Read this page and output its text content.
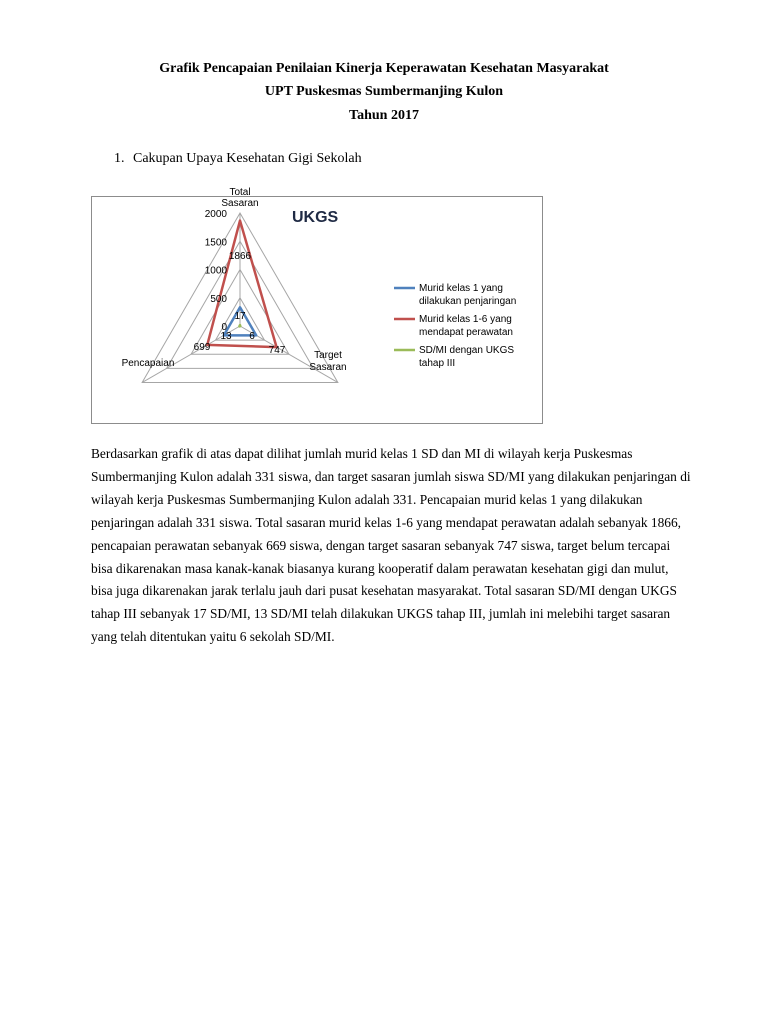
Grafik Pencapaian Penilaian Kinerja Keperawatan Kesehatan Masyarakat

UPT Puskesmas Sumbermanjing Kulon

Tahun 2017

1. Cakupan Upaya Kesehatan Gigi Sekolah

UKGS
0
500
1000
1500
2000
Total
Sasaran
Target
Sasaran
Pencapaian
1866
747
699
17
6
13
Murid kelas 1 yang
dilakukan penjaringan
Murid kelas 1-6 yang
mendapat perawatan
SD/MI dengan UKGS
tahap III

Berdasarkan grafik di atas dapat dilihat jumlah murid kelas 1 SD dan MI di wilayah kerja Puskesmas Sumbermanjing Kulon adalah 331 siswa, dan target sasaran jumlah siswa SD/MI yang dilakukan penjaringan di wilayah kerja Puskesmas Sumbermanjing Kulon adalah 331. Pencapaian murid kelas 1 yang dilakukan penjaringan adalah 331 siswa. Total sasaran murid kelas 1-6 yang mendapat perawatan adalah sebanyak 1866, pencapaian perawatan sebanyak 669 siswa, dengan target sasaran sebanyak 747 siswa, target belum tercapai bisa dikarenakan masa kanak-kanak biasanya kurang kooperatif dalam perawatan kesehatan gigi dan mulut, bisa juga dikarenakan jarak terlalu jauh dari pusat kesehatan masyarakat. Total sasaran SD/MI dengan UKGS tahap III sebanyak 17 SD/MI, 13 SD/MI telah dilakukan UKGS tahap III, jumlah ini melebihi target sasaran yang telah ditentukan yaitu 6 sekolah SD/MI.
